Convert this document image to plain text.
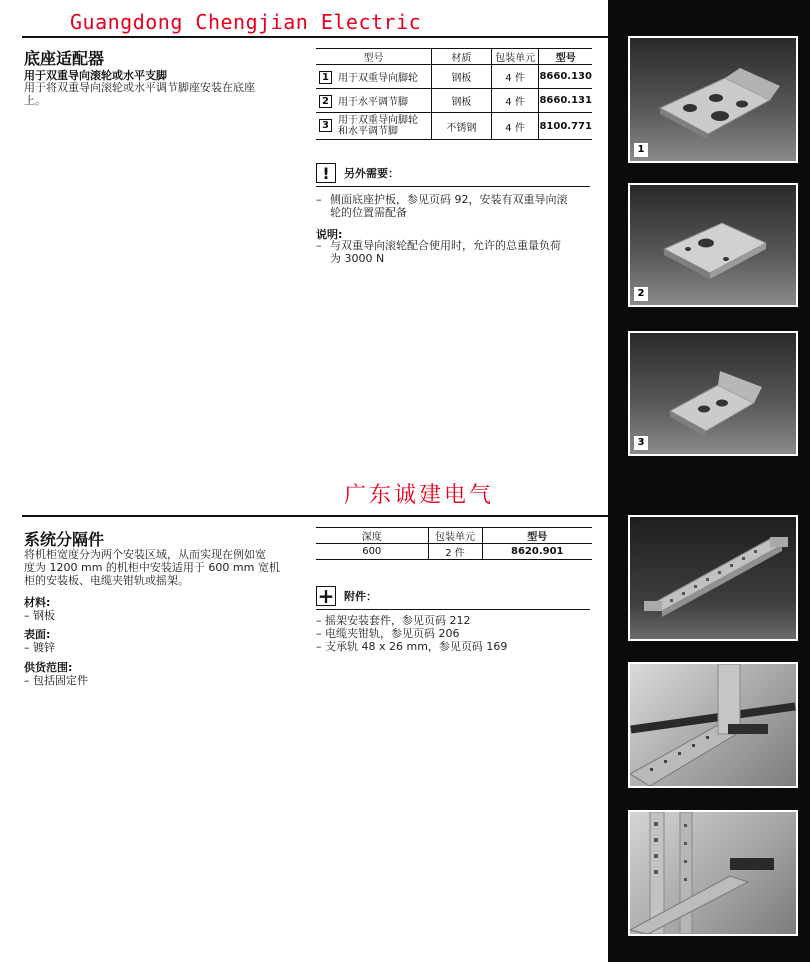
Guangdong Chengjian Electric
广东诚建电气
底座适配器
用于双重导向滚轮或水平支脚
用于将双重导向滚轮或水平调节脚座安装在底座
上。
型号	材质	包装单元	型号
1 用于双重导向脚轮	钢板	4 件	8660.130
2 用于水平调节脚	钢板	4 件	8660.131

3 用于双重导向脚轮
和水平调节脚	不锈钢	4 件	8100.771
!	另外需要：
– 侧面底座护板，参见页码 92，安装有双重导向滚
轮的位置需配备
说明:
– 与双重导向滚轮配合使用时，允许的总重量负荷
为 3000 N
系统分隔件
将机柜宽度分为两个安装区域，从而实现在例如宽
度为 1200 mm 的机柜中安装适用于 600 mm 宽机
柜的安装板、电缆夹钳轨或摇架。
材料:
– 钢板
表面:
– 镀锌
供货范围:
– 包括固定件
深度	包装单元	型号
600	2 件	8620.901
+ 附件：
– 摇架安装套件，参见页码 212
– 电缆夹钳轨，参见页码 206
– 支承轨 48 x 26 mm，参见页码 169
1
2
3
